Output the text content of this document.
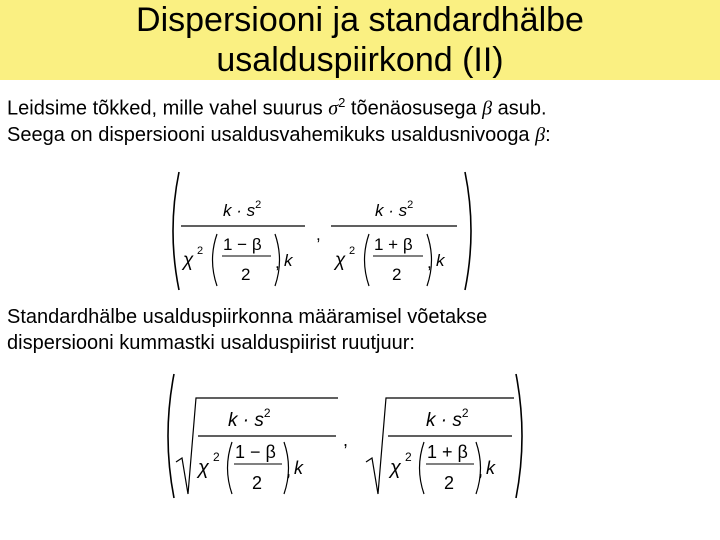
Dispersiooni ja standardhälbe
usalduspiirkond (II)
Leidsime tõkked, mille vahel suurus $\sigma^2$ tõenäosusega β asub.
Seega on dispersiooni usaldusvahemikuks usaldusnivooga β:
$k \cdot s^2$
χ 2 1 − β
2
, k
,
$k \cdot s^2$
χ 2 1 + β
2
, k
Standardhälbe usalduspiirkonna määramisel võetakse
dispersiooni kummastki usalduspiirist ruutjuur:
$k \cdot s^2$
χ 2 1 − β
2
, k
,
$k \cdot s^2$
χ 2 1 + β
2
, k
